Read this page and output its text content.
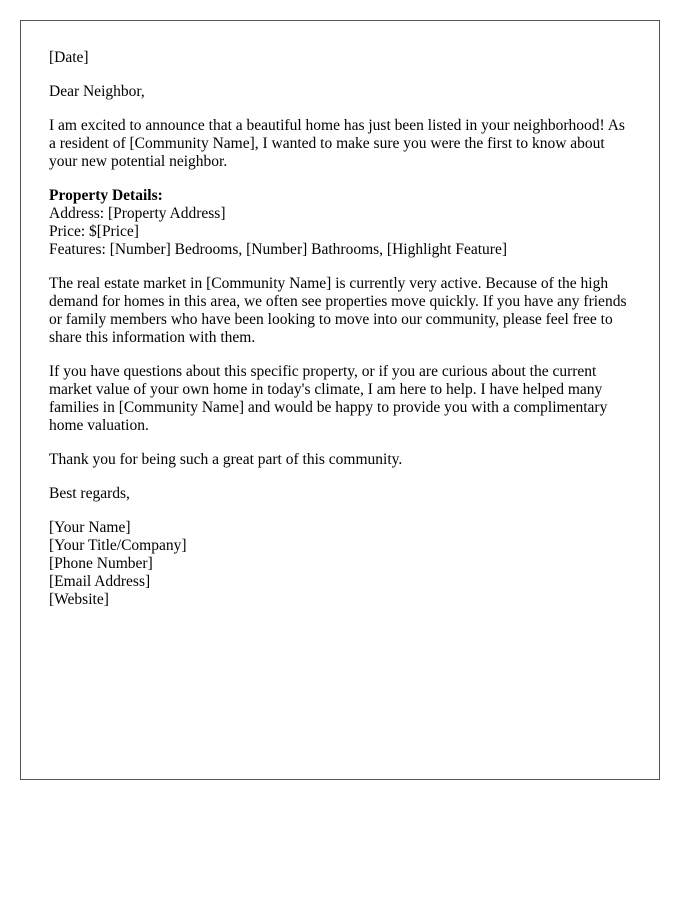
[Date]

Dear Neighbor,

I am excited to announce that a beautiful home has just been listed in your neighborhood! As a resident of [Community Name], I wanted to make sure you were the first to know about your new potential neighbor.

Property Details:
Address: [Property Address]
Price: $[Price]
Features: [Number] Bedrooms, [Number] Bathrooms, [Highlight Feature]

The real estate market in [Community Name] is currently very active. Because of the high demand for homes in this area, we often see properties move quickly. If you have any friends or family members who have been looking to move into our community, please feel free to share this information with them.

If you have questions about this specific property, or if you are curious about the current market value of your own home in today's climate, I am here to help. I have helped many families in [Community Name] and would be happy to provide you with a complimentary home valuation.

Thank you for being such a great part of this community.

Best regards,

[Your Name]
[Your Title/Company]
[Phone Number]
[Email Address]
[Website]
